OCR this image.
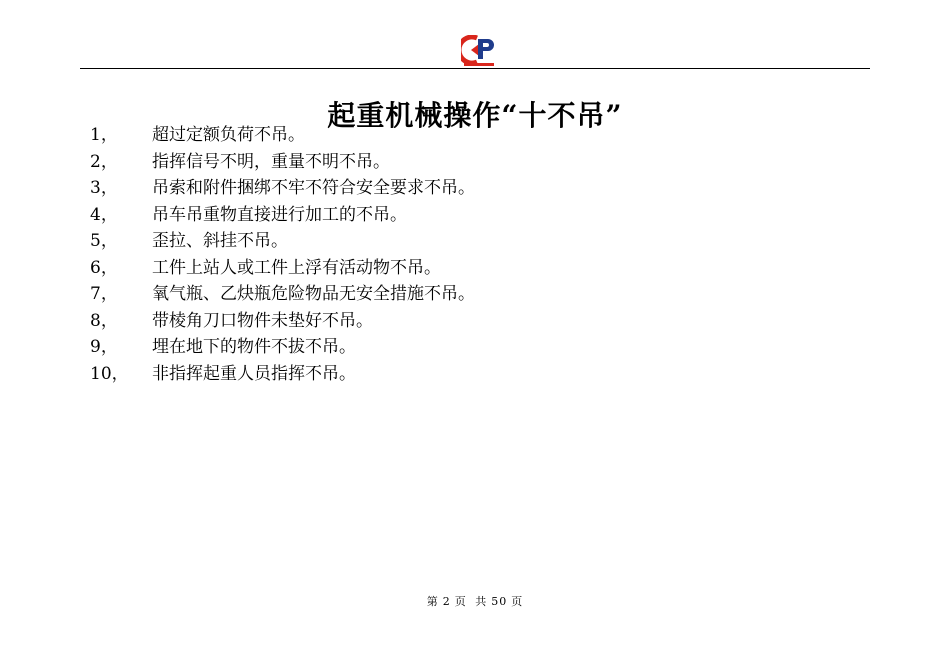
起重机械操作“十不吊”
1， 超过定额负荷不吊。
2， 指挥信号不明，重量不明不吊。
3， 吊索和附件捆绑不牢不符合安全要求不吊。
4， 吊车吊重物直接进行加工的不吊。
5， 歪拉、斜挂不吊。
6， 工件上站人或工件上浮有活动物不吊。
7， 氧气瓶、乙炔瓶危险物品无安全措施不吊。
8， 带棱角刀口物件未垫好不吊。
9， 埋在地下的物件不拔不吊。
10， 非指挥起重人员指挥不吊。
第 2 页 共 50 页
